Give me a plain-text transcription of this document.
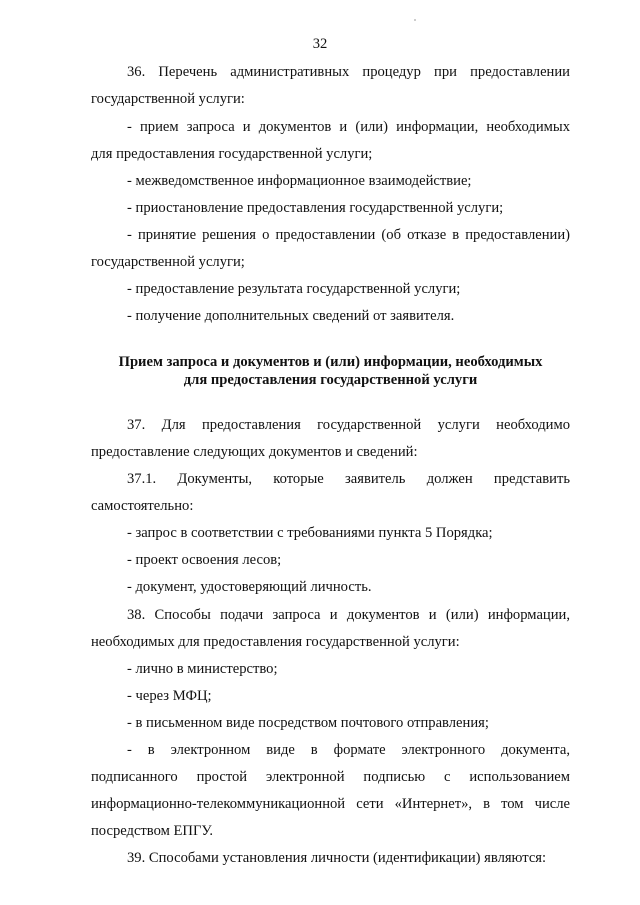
32
36. Перечень административных процедур при предоставлении
государственной услуги:
- прием запроса и документов и (или) информации, необходимых
для предоставления государственной услуги;
- межведомственное информационное взаимодействие;
- приостановление предоставления государственной услуги;
- принятие решения о предоставлении (об отказе в предоставлении)
государственной услуги;
- предоставление результата государственной услуги;
- получение дополнительных сведений от заявителя.
Прием запроса и документов и (или) информации, необходимых
для предоставления государственной услуги
37. Для предоставления государственной услуги необходимо
предоставление следующих документов и сведений:
37.1. Документы, которые заявитель должен представить
самостоятельно:
- запрос в соответствии с требованиями пункта 5 Порядка;
- проект освоения лесов;
- документ, удостоверяющий личность.
38. Способы подачи запроса и документов и (или) информации,
необходимых для предоставления государственной услуги:
- лично в министерство;
- через МФЦ;
- в письменном виде посредством почтового отправления;
- в электронном виде в формате электронного документа,
подписанного простой электронной подписью с использованием
информационно-телекоммуникационной сети «Интернет», в том числе
посредством ЕПГУ.
39. Способами установления личности (идентификации) являются:
